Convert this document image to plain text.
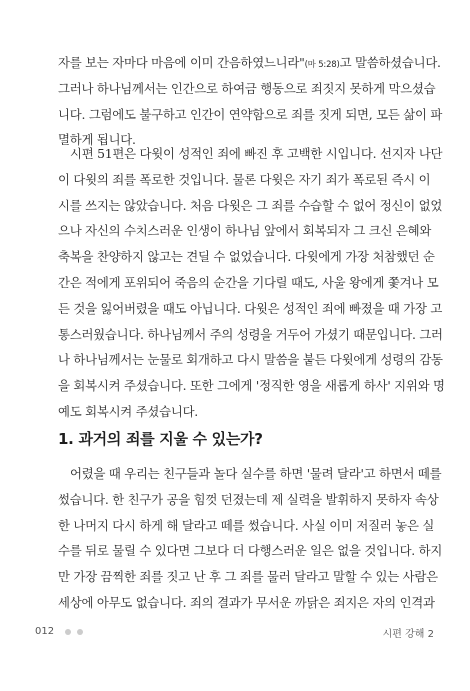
자를 보는 자마다 마음에 이미 간음하였느니라"(마 5:28)고 말씀하셨습니다.
그러나 하나님께서는 인간으로 하여금 행동으로 죄짓지 못하게 막으셨습
니다. 그럼에도 불구하고 인간이 연약함으로 죄를 짓게 되면, 모든 삶이 파
멸하게 됩니다.
시편 51편은 다윗이 성적인 죄에 빠진 후 고백한 시입니다. 선지자 나단
이 다윗의 죄를 폭로한 것입니다. 물론 다윗은 자기 죄가 폭로된 즉시 이
시를 쓰지는 않았습니다. 처음 다윗은 그 죄를 수습할 수 없어 정신이 없었
으나 자신의 수치스러운 인생이 하나님 앞에서 회복되자 그 크신 은혜와
축복을 찬양하지 않고는 견딜 수 없었습니다. 다윗에게 가장 처참했던 순
간은 적에게 포위되어 죽음의 순간을 기다릴 때도, 사울 왕에게 쫓겨나 모
든 것을 잃어버렸을 때도 아닙니다. 다윗은 성적인 죄에 빠졌을 때 가장 고
통스러웠습니다. 하나님께서 주의 성령을 거두어 가셨기 때문입니다. 그러
나 하나님께서는 눈물로 회개하고 다시 말씀을 붙든 다윗에게 성령의 감동
을 회복시켜 주셨습니다. 또한 그에게 '정직한 영을 새롭게 하사' 지위와 명
예도 회복시켜 주셨습니다.
1. 과거의 죄를 지울 수 있는가?
어렸을 때 우리는 친구들과 놀다 실수를 하면 '물려 달라'고 하면서 떼를
썼습니다. 한 친구가 공을 힘껏 던졌는데 제 실력을 발휘하지 못하자 속상
한 나머지 다시 하게 해 달라고 떼를 썼습니다. 사실 이미 저질러 놓은 실
수를 뒤로 물릴 수 있다면 그보다 더 다행스러운 일은 없을 것입니다. 하지
만 가장 끔찍한 죄를 짓고 난 후 그 죄를 물러 달라고 말할 수 있는 사람은
세상에 아무도 없습니다. 죄의 결과가 무서운 까닭은 죄지은 자의 인격과
012	시편 강해 2
